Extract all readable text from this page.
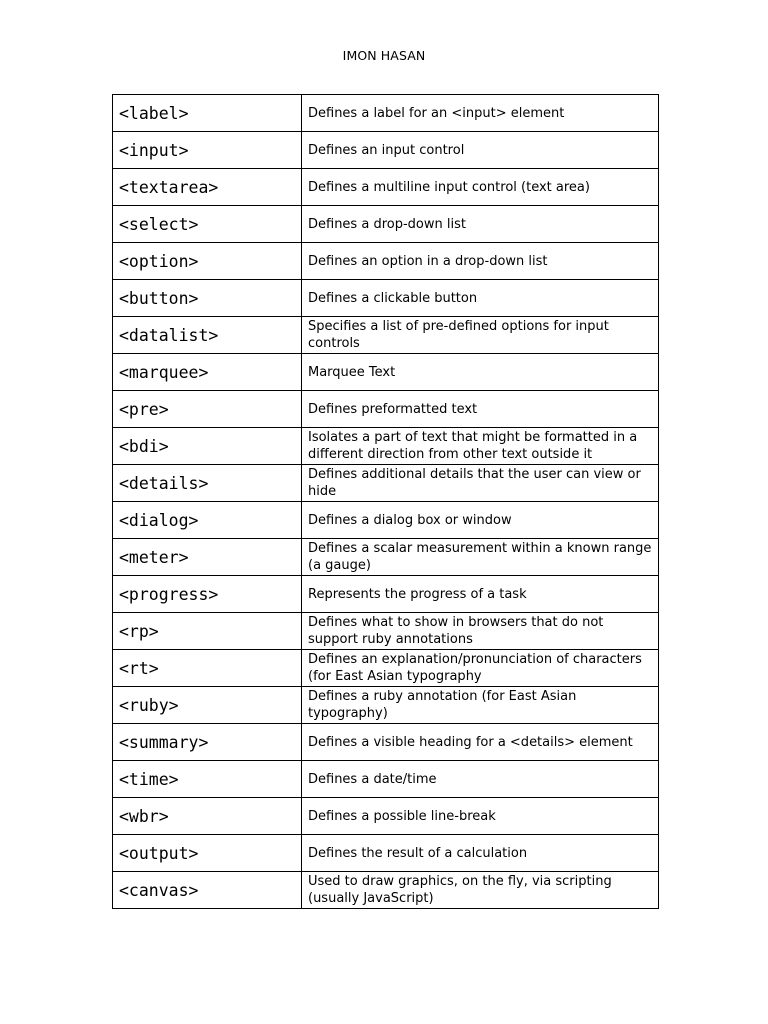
IMON HASAN
<label>	Defines a label for an <input> element
<input>	Defines an input control
<textarea>	Defines a multiline input control (text area)
<select>	Defines a drop-down list
<option>	Defines an option in a drop-down list
<button>	Defines a clickable button
<datalist>	Specifies a list of pre-defined options for input controls
<marquee>	Marquee Text
<pre>	Defines preformatted text
<bdi>	Isolates a part of text that might be formatted in a different direction from other text outside it
<details>	Defines additional details that the user can view or hide
<dialog>	Defines a dialog box or window
<meter>	Defines a scalar measurement within a known range (a gauge)
<progress>	Represents the progress of a task
<rp>	Defines what to show in browsers that do not support ruby annotations
<rt>	Defines an explanation/pronunciation of characters (for East Asian typography
<ruby>	Defines a ruby annotation (for East Asian typography)
<summary>	Defines a visible heading for a <details> element
<time>	Defines a date/time
<wbr>	Defines a possible line-break
<output>	Defines the result of a calculation
<canvas>	Used to draw graphics, on the fly, via scripting (usually JavaScript)
